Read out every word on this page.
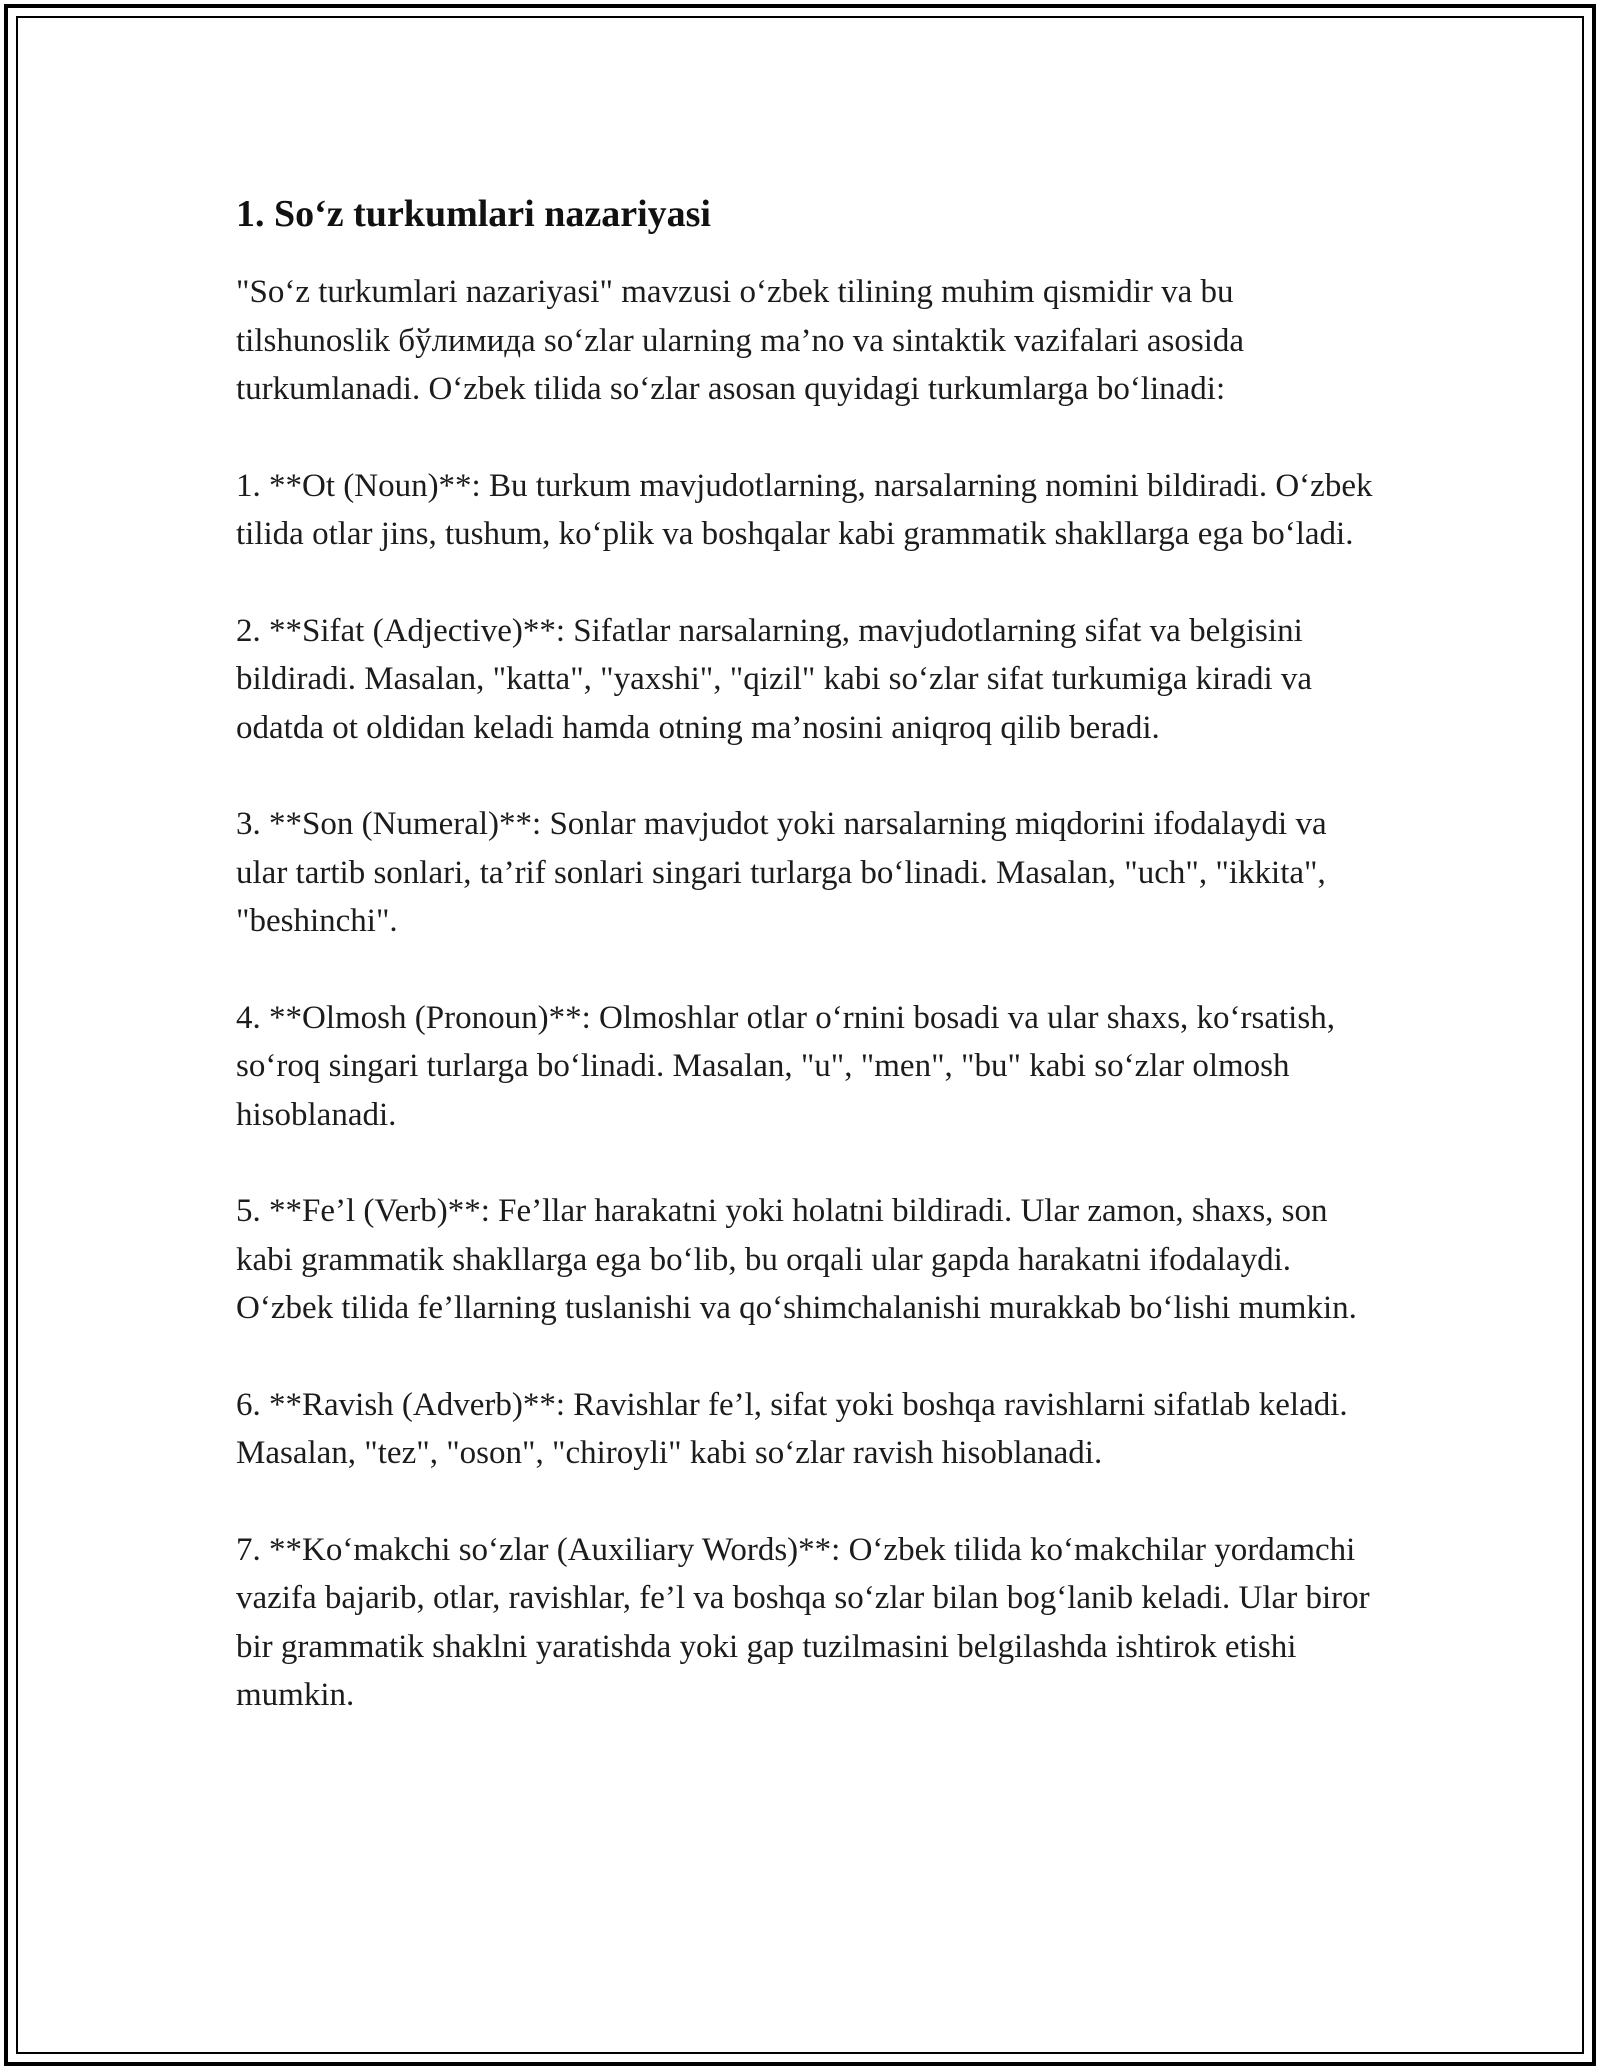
1. So‘z turkumlari nazariyasi

"So‘z turkumlari nazariyasi" mavzusi o‘zbek tilining muhim qismidir va bu tilshunoslik бўлимида so‘zlar ularning ma’no va sintaktik vazifalari asosida turkumlanadi. O‘zbek tilida so‘zlar asosan quyidagi turkumlarga bo‘linadi:

1. **Ot (Noun)**: Bu turkum mavjudotlarning, narsalarning nomini bildiradi. O‘zbek tilida otlar jins, tushum, ko‘plik va boshqalar kabi grammatik shakllarga ega bo‘ladi.

2. **Sifat (Adjective)**: Sifatlar narsalarning, mavjudotlarning sifat va belgisini bildiradi. Masalan, "katta", "yaxshi", "qizil" kabi so‘zlar sifat turkumiga kiradi va odatda ot oldidan keladi hamda otning ma’nosini aniqroq qilib beradi.

3. **Son (Numeral)**: Sonlar mavjudot yoki narsalarning miqdorini ifodalaydi va ular tartib sonlari, ta’rif sonlari singari turlarga bo‘linadi. Masalan, "uch", "ikkita", "beshinchi".

4. **Olmosh (Pronoun)**: Olmoshlar otlar o‘rnini bosadi va ular shaxs, ko‘rsatish, so‘roq singari turlarga bo‘linadi. Masalan, "u", "men", "bu" kabi so‘zlar olmosh hisoblanadi.

5. **Fe’l (Verb)**: Fe’llar harakatni yoki holatni bildiradi. Ular zamon, shaxs, son kabi grammatik shakllarga ega bo‘lib, bu orqali ular gapda harakatni ifodalaydi. O‘zbek tilida fe’llarning tuslanishi va qo‘shimchalanishi murakkab bo‘lishi mumkin.

6. **Ravish (Adverb)**: Ravishlar fe’l, sifat yoki boshqa ravishlarni sifatlab keladi. Masalan, "tez", "oson", "chiroyli" kabi so‘zlar ravish hisoblanadi.

7. **Ko‘makchi so‘zlar (Auxiliary Words)**: O‘zbek tilida ko‘makchilar yordamchi vazifa bajarib, otlar, ravishlar, fe’l va boshqa so‘zlar bilan bog‘lanib keladi. Ular biror bir grammatik shaklni yaratishda yoki gap tuzilmasini belgilashda ishtirok etishi mumkin.
